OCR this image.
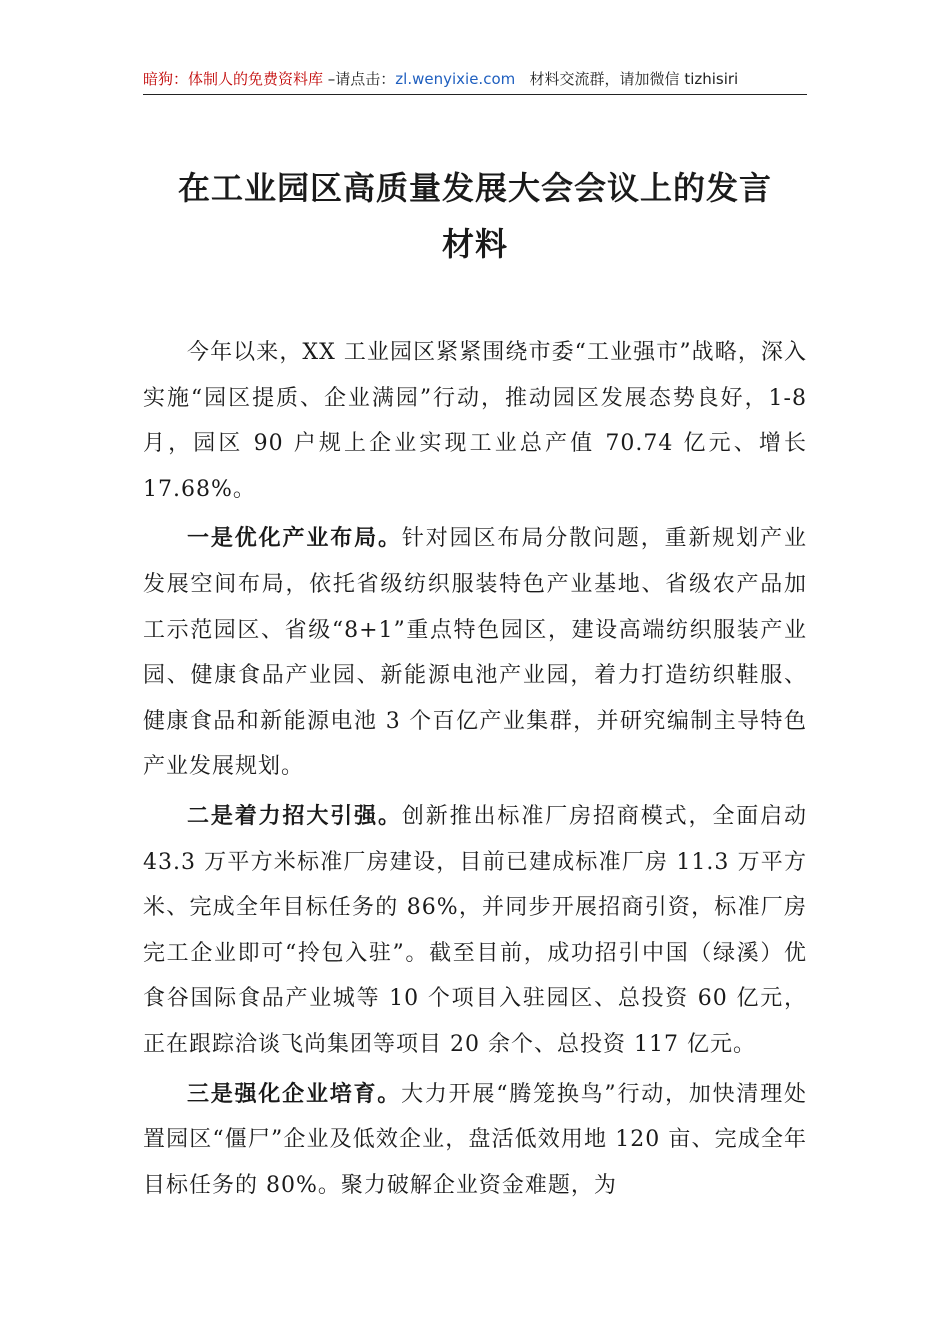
暗狗：体制人的免费资料库 –请点击：zl.wenyixie.com 材料交流群，请加微信 tizhisiri
在工业园区高质量发展大会会议上的发言
材料

今年以来，XX 工业园区紧紧围绕市委“工业强市”战略，深入实施“园区提质、企业满园”行动，推动园区发展态势良好，1-8 月，园区 90 户规上企业实现工业总产值 70.74 亿元、增长 17.68%。

一是优化产业布局。针对园区布局分散问题，重新规划产业发展空间布局，依托省级纺织服装特色产业基地、省级农产品加工示范园区、省级“8+1”重点特色园区，建设高端纺织服装产业园、健康食品产业园、新能源电池产业园，着力打造纺织鞋服、健康食品和新能源电池 3 个百亿产业集群，并研究编制主导特色产业发展规划。

二是着力招大引强。创新推出标准厂房招商模式，全面启动 43.3 万平方米标准厂房建设，目前已建成标准厂房 11.3 万平方米、完成全年目标任务的 86%，并同步开展招商引资，标准厂房完工企业即可“拎包入驻”。截至目前，成功招引中国（绿溪）优食谷国际食品产业城等 10 个项目入驻园区、总投资 60 亿元，正在跟踪洽谈飞尚集团等项目 20 余个、总投资 117 亿元。

三是强化企业培育。大力开展“腾笼换鸟”行动，加快清理处置园区“僵尸”企业及低效企业，盘活低效用地 120 亩、完成全年目标任务的 80%。聚力破解企业资金难题，为
